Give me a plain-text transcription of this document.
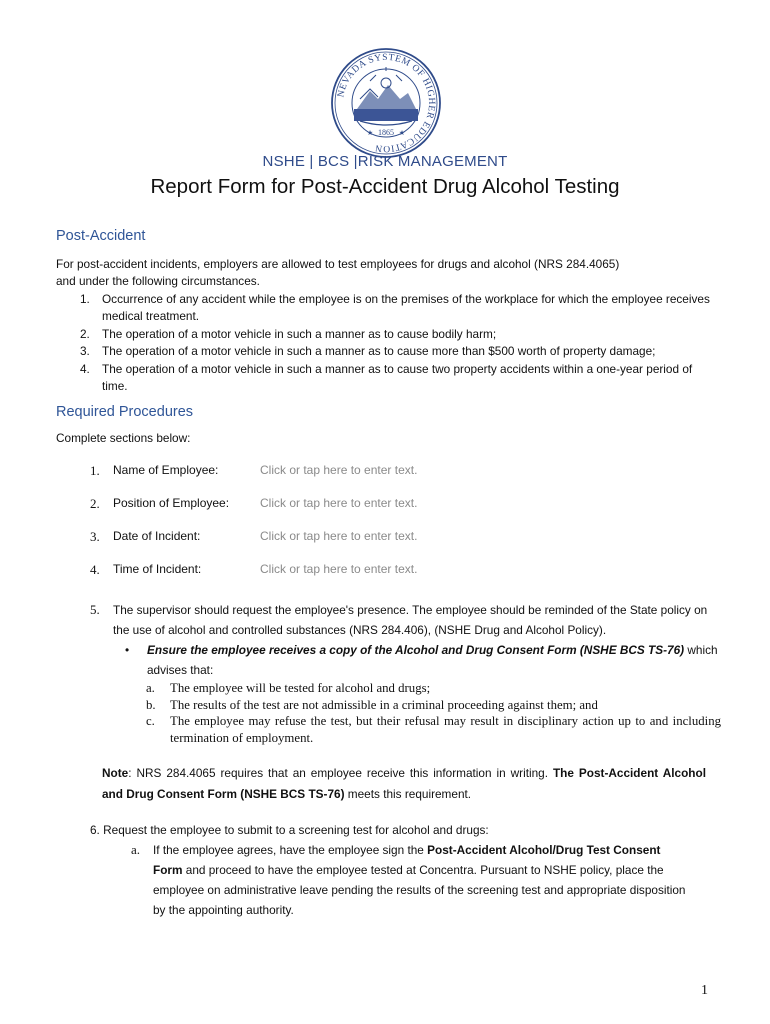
NEVADA SYSTEM OF HIGHER EDUCATION
1865
★	★
NSHE | BCS |RISK MANAGEMENT
Report Form for Post-Accident Drug Alcohol Testing
Post-Accident
For post-accident incidents, employers are allowed to test employees for drugs and alcohol (NRS 284.4065)
and under the following circumstances.
1. Occurrence of any accident while the employee is on the premises of the workplace for which the employee receives medical treatment.
2. The operation of a motor vehicle in such a manner as to cause bodily harm;
3. The operation of a motor vehicle in such a manner as to cause more than $500 worth of property damage;
4. The operation of a motor vehicle in such a manner as to cause two property accidents within a one-year period of time.
Required Procedures
Complete sections below:
1. Name of Employee:
Click or tap here to enter text.
2. Position of Employee:
Click or tap here to enter text.
3. Date of Incident:
Click or tap here to enter text.
4. Time of Incident:
Click or tap here to enter text.
5.	The supervisor should request the employee's presence. The employee should be reminded of the State policy on the use of alcohol and controlled substances (NRS 284.406), (NSHE Drug and Alcohol Policy).
•	Ensure the employee receives a copy of the Alcohol and Drug Consent Form (NSHE BCS TS-76) which advises that:
a. The employee will be tested for alcohol and drugs;
b. The results of the test are not admissible in a criminal proceeding against them; and
c. The employee may refuse the test, but their refusal may result in disciplinary action up to and including termination of employment.
Note: NRS 284.4065 requires that an employee receive this information in writing. The Post-Accident Alcohol and Drug Consent Form (NSHE BCS TS-76) meets this requirement.
6. Request the employee to submit to a screening test for alcohol and drugs:
a.	If the employee agrees, have the employee sign the Post-Accident Alcohol/Drug Test Consent Form and proceed to have the employee tested at Concentra. Pursuant to NSHE policy, place the employee on administrative leave pending the results of the screening test and appropriate disposition by the appointing authority.
1
